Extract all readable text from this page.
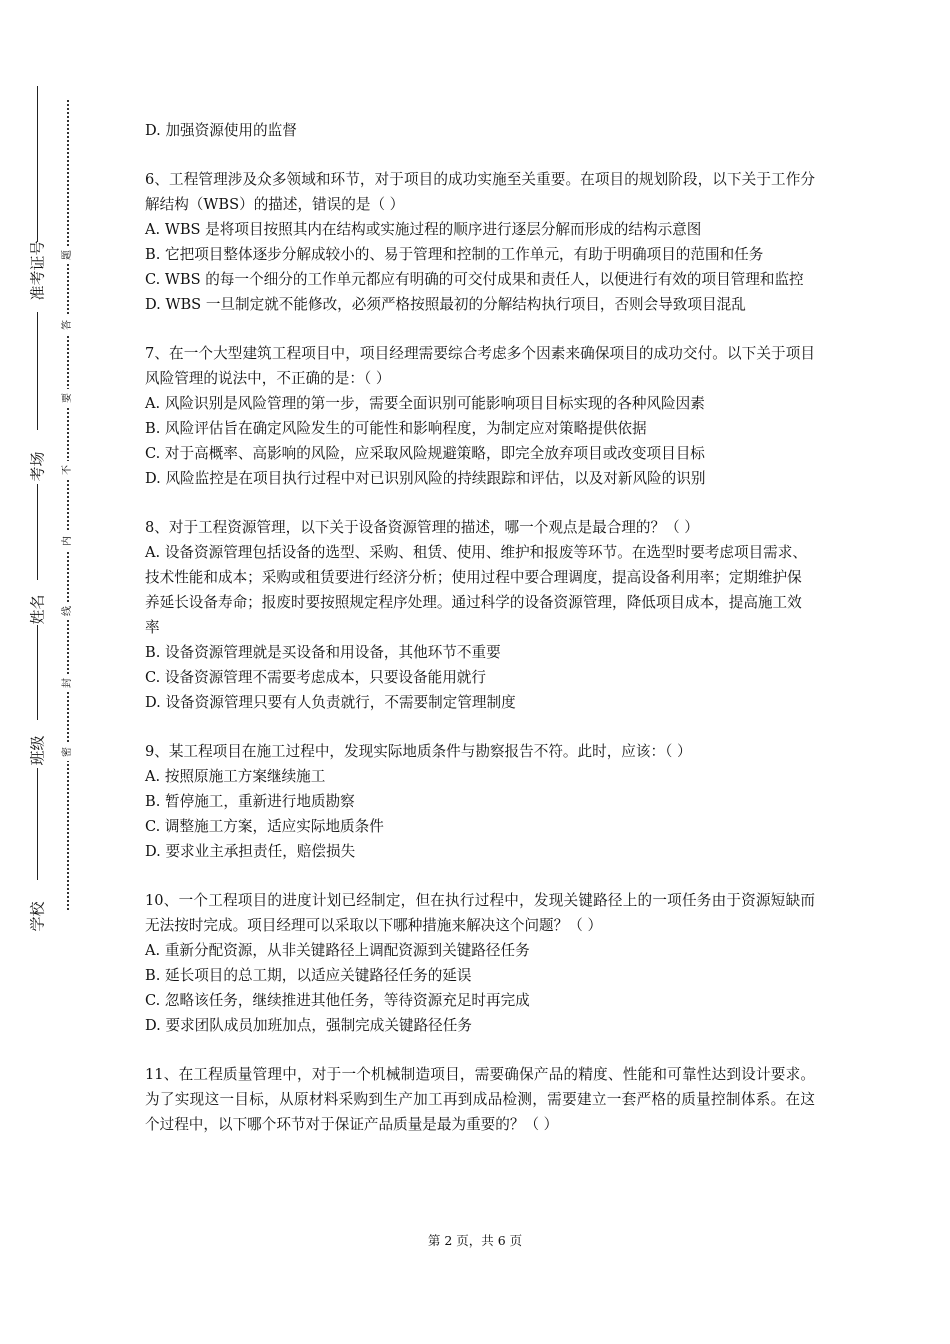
准考证号
考场
姓名
班级
学校
题
答
要
不
内
线
封
密

D. 加强资源使用的监督

6、工程管理涉及众多领域和环节，对于项目的成功实施至关重要。在项目的规划阶段，以下关于工作分解结构（WBS）的描述，错误的是（ ）

A. WBS 是将项目按照其内在结构或实施过程的顺序进行逐层分解而形成的结构示意图

B. 它把项目整体逐步分解成较小的、易于管理和控制的工作单元，有助于明确项目的范围和任务

C. WBS 的每一个细分的工作单元都应有明确的可交付成果和责任人，以便进行有效的项目管理和监控

D. WBS 一旦制定就不能修改，必须严格按照最初的分解结构执行项目，否则会导致项目混乱

7、在一个大型建筑工程项目中，项目经理需要综合考虑多个因素来确保项目的成功交付。以下关于项目风险管理的说法中，不正确的是：（ ）

A. 风险识别是风险管理的第一步，需要全面识别可能影响项目目标实现的各种风险因素

B. 风险评估旨在确定风险发生的可能性和影响程度，为制定应对策略提供依据

C. 对于高概率、高影响的风险，应采取风险规避策略，即完全放弃项目或改变项目目标

D. 风险监控是在项目执行过程中对已识别风险的持续跟踪和评估，以及对新风险的识别

8、对于工程资源管理，以下关于设备资源管理的描述，哪一个观点是最合理的？（ ）

A. 设备资源管理包括设备的选型、采购、租赁、使用、维护和报废等环节。在选型时要考虑项目需求、技术性能和成本；采购或租赁要进行经济分析；使用过程中要合理调度，提高设备利用率；定期维护保养延长设备寿命；报废时要按照规定程序处理。通过科学的设备资源管理，降低项目成本，提高施工效率

B. 设备资源管理就是买设备和用设备，其他环节不重要

C. 设备资源管理不需要考虑成本，只要设备能用就行

D. 设备资源管理只要有人负责就行，不需要制定管理制度

9、某工程项目在施工过程中，发现实际地质条件与勘察报告不符。此时，应该：（ ）

A. 按照原施工方案继续施工

B. 暂停施工，重新进行地质勘察

C. 调整施工方案，适应实际地质条件

D. 要求业主承担责任，赔偿损失

10、一个工程项目的进度计划已经制定，但在执行过程中，发现关键路径上的一项任务由于资源短缺而无法按时完成。项目经理可以采取以下哪种措施来解决这个问题？（ ）

A. 重新分配资源，从非关键路径上调配资源到关键路径任务

B. 延长项目的总工期，以适应关键路径任务的延误

C. 忽略该任务，继续推进其他任务，等待资源充足时再完成

D. 要求团队成员加班加点，强制完成关键路径任务

11、在工程质量管理中，对于一个机械制造项目，需要确保产品的精度、性能和可靠性达到设计要求。为了实现这一目标，从原材料采购到生产加工再到成品检测，需要建立一套严格的质量控制体系。在这个过程中，以下哪个环节对于保证产品质量是最为重要的？（ ）

第 2 页，共 6 页
